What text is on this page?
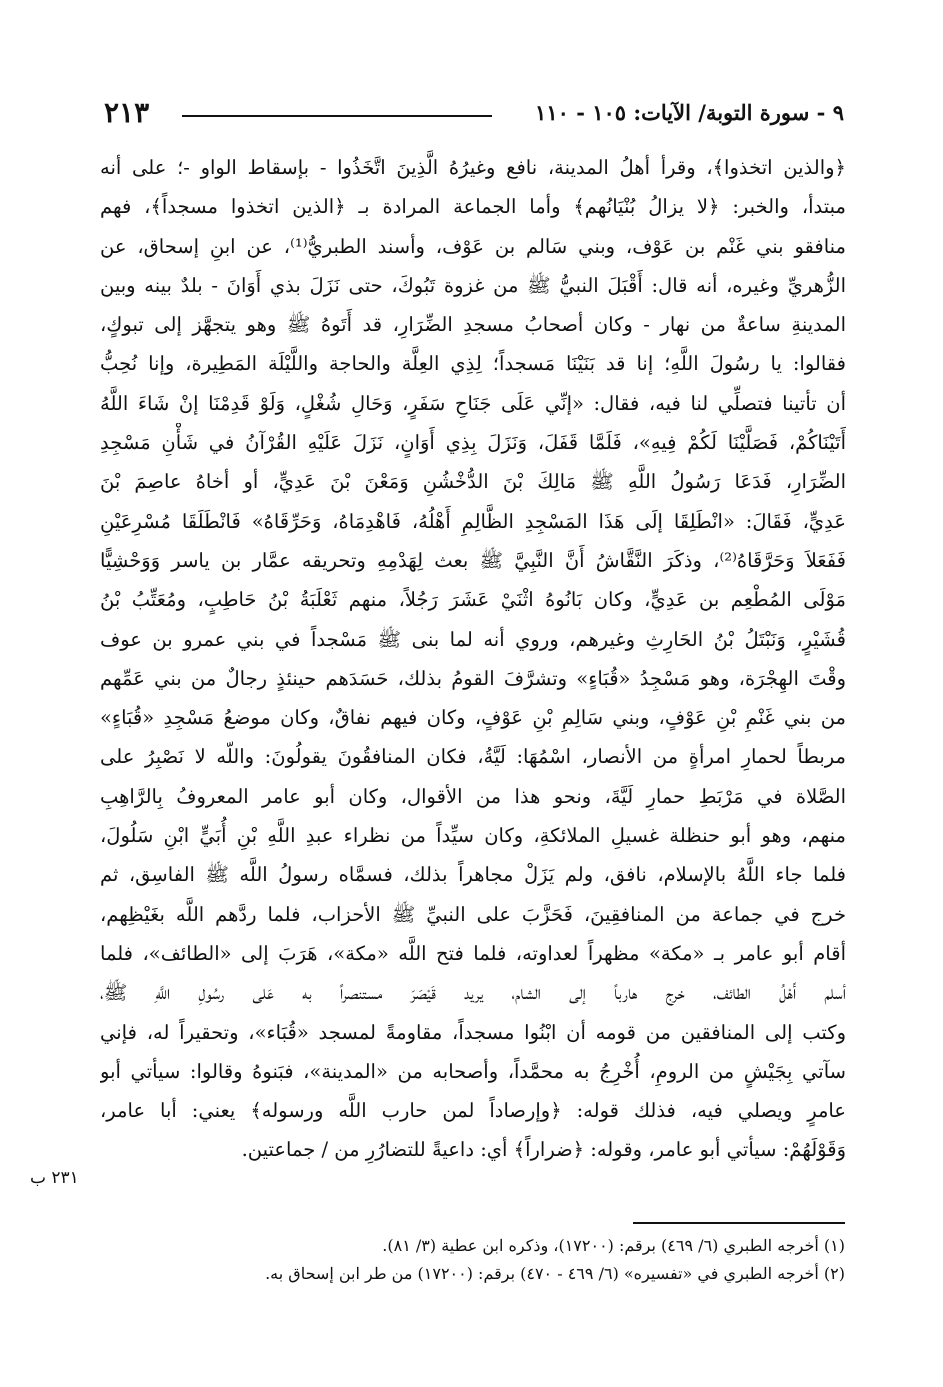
٩ - سورة التوبة/ الآيات: ١٠٥ - ١١٠
٢١٣
﴿والذين اتخذوا﴾، وقرأ أهلُ المدينة، نافع وغيرُهُ الَّذِينَ اتَّخَذُوا - بإسقاط الواو -؛ على أنه
مبتدأ، والخبر: ﴿لا يزالُ بُنْيَانُهم﴾ وأما الجماعة المرادة بـ ﴿الذين اتخذوا مسجداً﴾، فهم
منافقو بني غَنْم بن عَوْف، وبني سَالم بن عَوْف، وأسند الطبريُّ⁽¹⁾، عن ابنِ إسحاق، عن
الزُّهريِّ وغيره، أنه قال: أَقْبَلَ النبيُّ ﷺ من غزوة تَبُوكَ، حتى نَزَلَ بذي أَوَانَ - بلدٌ بينه وبين
المدينةِ ساعةٌ من نهار - وكان أصحابُ مسجدِ الضِّرَارِ، قد أَتَوهُ ﷺ وهو يتجهَّز إلى تبوكٍ،
فقالوا: يا رسُولَ اللَّهِ؛ إنا قد بَنَيْنَا مَسجداً؛ لِذِي العِلَّة والحاجة واللَّيْلَة المَطِيرة، وإنا نُحِبُّ
أن تأتينا فتصلِّي لنا فيه، فقال: «إنِّي عَلَى جَنَاحِ سَفَرٍ، وَحَالِ شُغْلٍ، وَلَوْ قَدِمْنَا إنْ شَاءَ اللَّهُ
أَتَيْنَاكُمْ، فَصَلَّيْنَا لَكُمْ فِيهِ»، فَلَمَّا قَفَلَ، وَنَزَلَ بِذِي أَوَانٍ، نَزَلَ عَلَيْهِ القُرْآنُ في شَأْنِ مَسْجِدِ
الضِّرَارِ، فَدَعَا رَسُولُ اللَّهِ ﷺ مَالِكَ بْنَ الدُّخْشُنِ وَمَعْنَ بْنَ عَدِيٍّ، أو أخاهُ عاصِمَ بْنَ
عَدِيٍّ، فَقَالَ: «انْطَلِقَا إلَى هَذَا المَسْجِدِ الظَّالِمِ أَهْلُهُ، فَاهْدِمَاهُ، وَحَرِّقَاهُ» فَانْطَلَقَا مُسْرِعَيْنِ
فَفَعَلاَ وَحَرَّقَاهُ⁽²⁾، وذكَرَ النَّقَّاشُ أَنَّ النَّبِيَّ ﷺ بعث لِهَدْمِهِ وتحريقه عمَّار بن ياسر وَوَحْشِيًّا
مَوْلَى المُطْعِم بن عَدِيٍّ، وكان بَانُوهُ اثْنَيْ عَشَرَ رَجُلاً، منهم ثَعْلَبَةُ بْنُ حَاطِبٍ، ومُعَتِّبُ بْنُ
قُشَيْرٍ، وَنَبْتَلُ بْنُ الحَارِثِ وغيرهم، وروي أنه لما بنى ﷺ مَسْجداً في بني عمرو بن عوف
وقْتَ الهِجْرَة، وهو مَسْجِدُ «قُبَاءٍ» وتشرَّفَ القومُ بذلك، حَسَدَهم حينئذٍ رجالٌ من بني عَمِّهم
من بني غَنْمِ بْنِ عَوْفٍ، وبني سَالِمِ بْنِ عَوْفٍ، وكان فيهم نفاقٌ، وكان موضعُ مَسْجِدِ «قُبَاءٍ»
مربطاً لحمارِ امرأةٍ من الأنصار، اسْمُهَا: لَيَّةُ، فكان المنافقُونَ يقولُونَ: واللّه لا نَصْبِرُ على
الصَّلاة في مَرْبَطِ حمارِ لَيَّةَ، ونحو هذا من الأقوال، وكان أبو عامر المعروفُ بِالرَّاهِبِ
منهم، وهو أبو حنظلة غسيلِ الملائكةِ، وكان سيِّداً من نظراء عبدِ اللَّهِ بْنِ أُبَيٍّ ابْنِ سَلُولَ،
فلما جاء اللَّهُ بالإسلام، نافق، ولم يَزَلْ مجاهراً بذلك، فسمَّاه رسولُ اللَّه ﷺ الفاسِق، ثم
خرج في جماعة من المنافقِينَ، فَحَزَّبَ على النبيِّ ﷺ الأحزاب، فلما ردَّهم اللَّه بغَيْظِهم،
أقام أبو عامر بـ «مكة» مظهراً لعداوته، فلما فتح اللَّه «مكة»، هَرَبَ إلى «الطائف»، فلما
أسلم أَهْلُ الطائف، خرج هارباً إلى الشام، يريد قَيْصَرَ مستنصراً به عَلى رسُولِ اللَّهِ ﷺ،
وكتب إلى المنافقين من قومه أن ابْنُوا مسجداً، مقاومةً لمسجد «قُبَاء»، وتحقيراً له، فإني
سآتي بِجَيْشٍ من الرومِ، أُخْرِجُ به محمَّداً، وأصحابه من «المدينة»، فبَنوهُ وقالوا: سيأتي أبو
عامرٍ ويصلي فيه، فذلك قوله: ﴿وإرصاداً لمن حارب اللَّه ورسوله﴾ يعني: أبا عامر،
وَقَوْلَهُمْ: سيأتي أبو عامر، وقوله: ﴿ضراراً﴾ أي: داعيةً للتضارُرِ من / جماعتين.
٢٣١ ب
(١) أخرجه الطبري (٦/ ٤٦٩) برقم: (١٧٢٠٠)، وذكره ابن عطية (٣/ ٨١).
(٢) أخرجه الطبري في «تفسيره» (٦/ ٤٦٩ - ٤٧٠) برقم: (١٧٢٠٠) من طر ابن إسحاق به.
